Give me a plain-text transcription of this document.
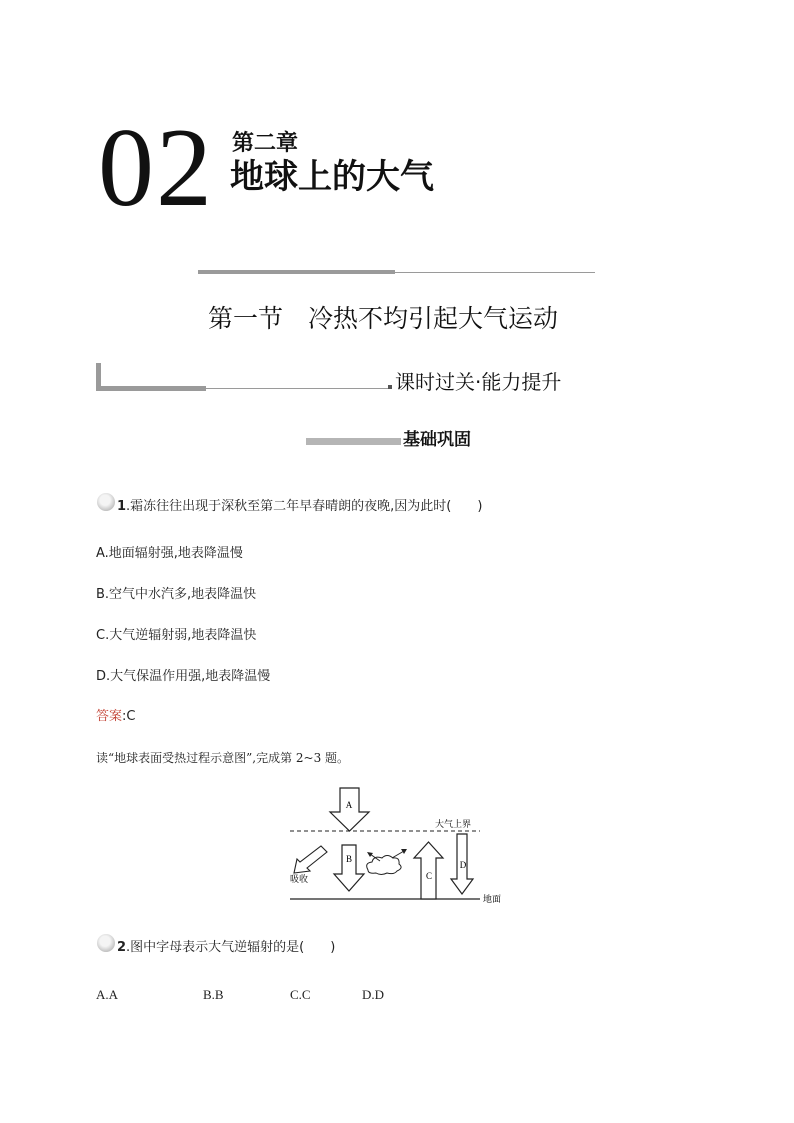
02 第二章
地球上的大气
第一节　冷热不均引起大气运动
课时过关·能力提升
基础巩固
1.霜冻往往出现于深秋至第二年早春晴朗的夜晚,因为此时(　　)
A.地面辐射强,地表降温慢
B.空气中水汽多,地表降温快
C.大气逆辐射弱,地表降温快
D.大气保温作用强,地表降温慢
答案:C
读“地球表面受热过程示意图”,完成第 2~3 题。
A
B
吸收	C
D
大气上界
地面
2.图中字母表示大气逆辐射的是(　　)
A.A	B.B	C.C	D.D
